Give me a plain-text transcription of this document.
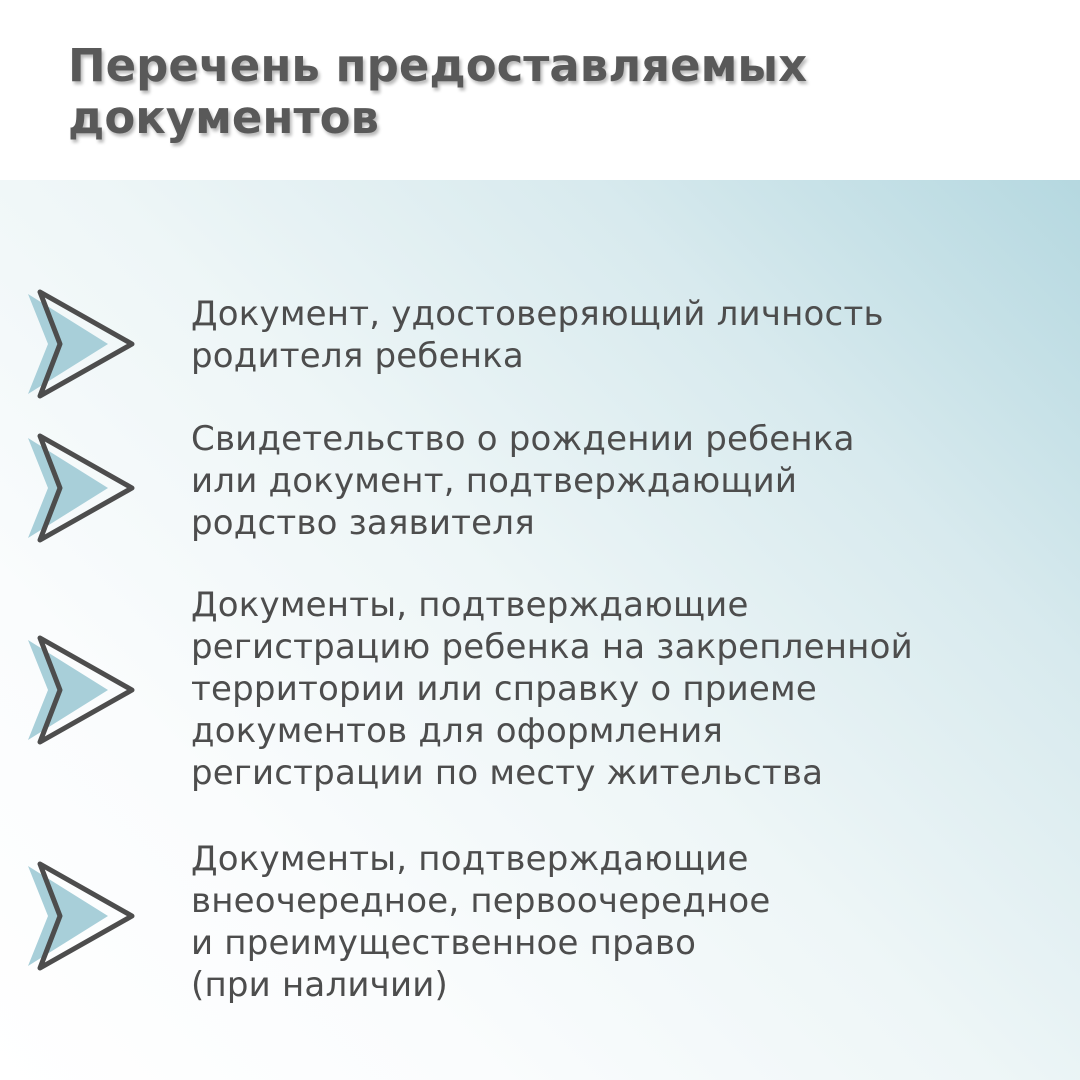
Перечень предоставляемых
документов

Документ, удостоверяющий личность
родителя ребенка

Свидетельство о рождении ребенка
или документ, подтверждающий
родство заявителя

Документы, подтверждающие
регистрацию ребенка на закрепленной
территории или справку о приеме
документов для оформления
регистрации по месту жительства

Документы, подтверждающие
внеочередное, первоочередное
и преимущественное право
(при наличии)
